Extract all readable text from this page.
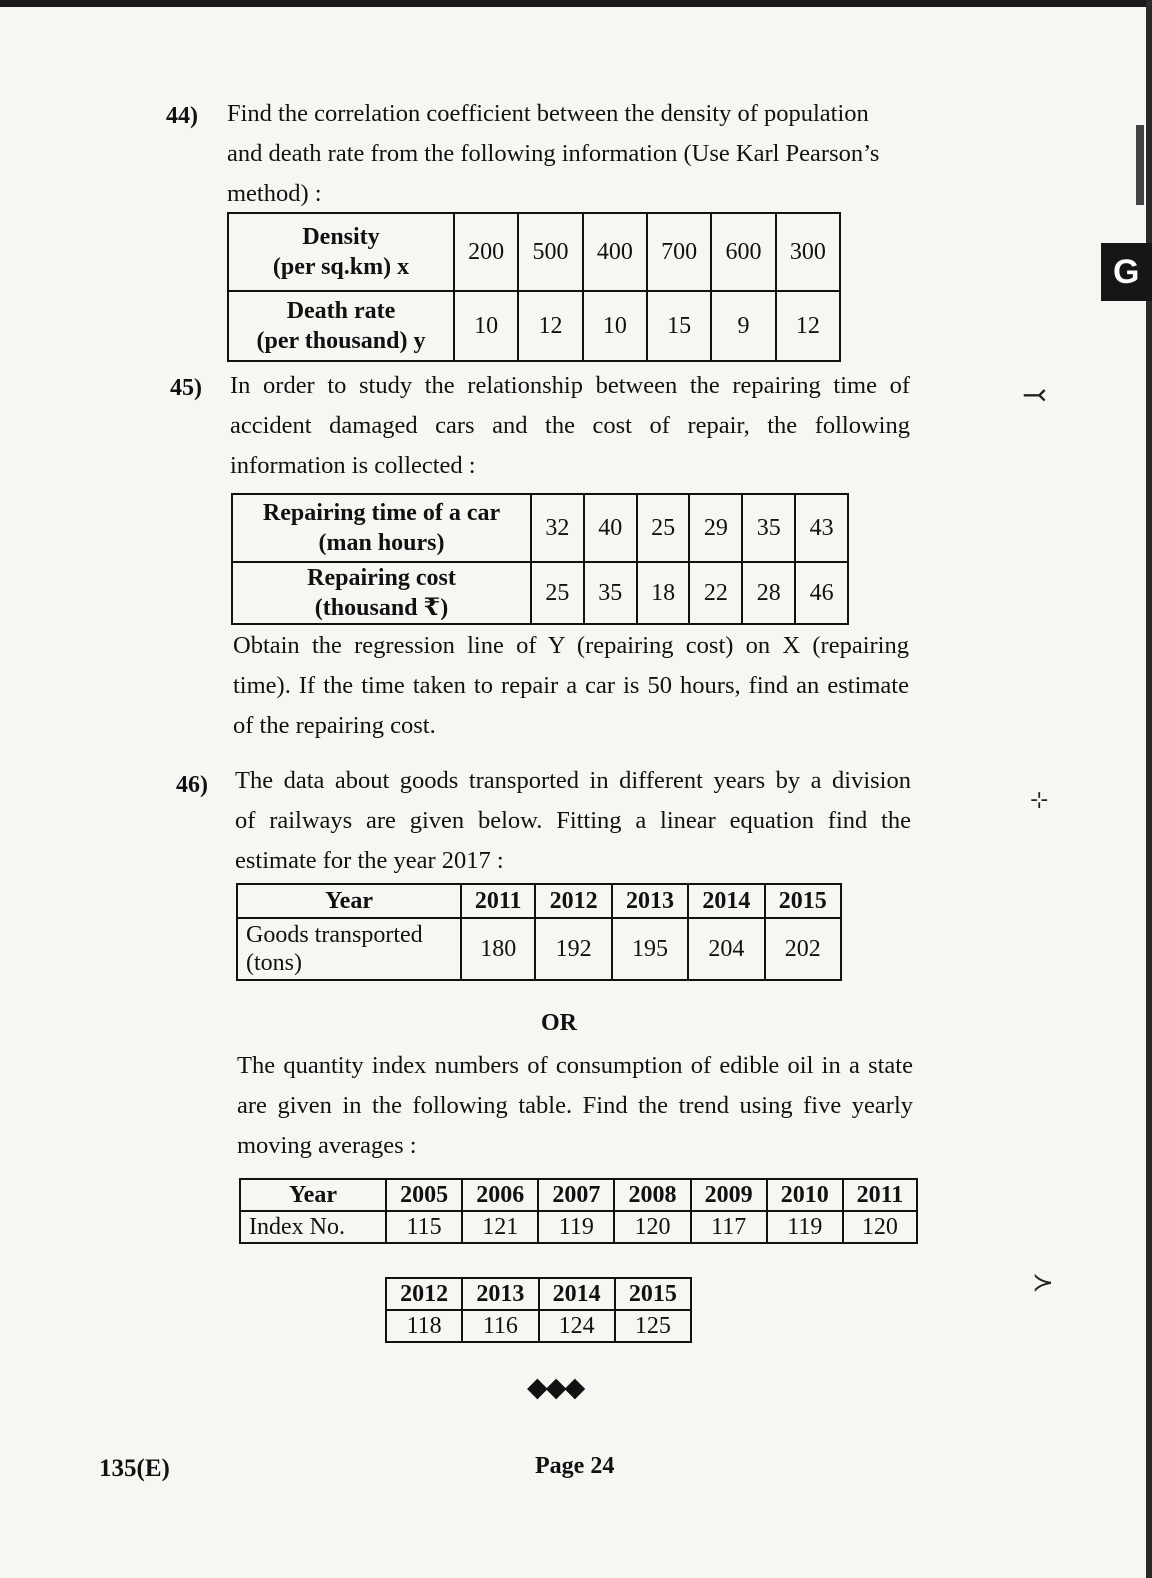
G
44) Find the correlation coefficient between the density of population
and death rate from the following information (Use Karl Pearson’s
method) :
Density
(per sq.km) x	200	500	400	700	600	300

Death rate
(per thousand) y	10	12	10	15	9	12
45) In order to study the relationship between the repairing time of
accident damaged cars and the cost of repair, the following
information is collected :
Repairing time of a car
(man hours)	32	40	25	29	35	43

Repairing cost
(thousand ₹)	25	35	18	22	28	46
Obtain the regression line of Y (repairing cost) on X (repairing
time). If the time taken to repair a car is 50 hours, find an estimate
of the repairing cost.
46) The data about goods transported in different years by a division
of railways are given below. Fitting a linear equation find the
estimate for the year 2017 :
Year	2011	2012	2013	2014	2015

Goods transported
(tons)	180	192	195	204	202
OR
The quantity index numbers of consumption of edible oil in a state
are given in the following table. Find the trend using five yearly
moving averages :
Year	2005	2006	2007	2008	2009	2010	2011
Index No.	115	121	119	120	117	119	120
2012	2013	2014	2015
118	116	124	125
◆◆◆
135(E)	Page 24
⤙
⊹
≻
